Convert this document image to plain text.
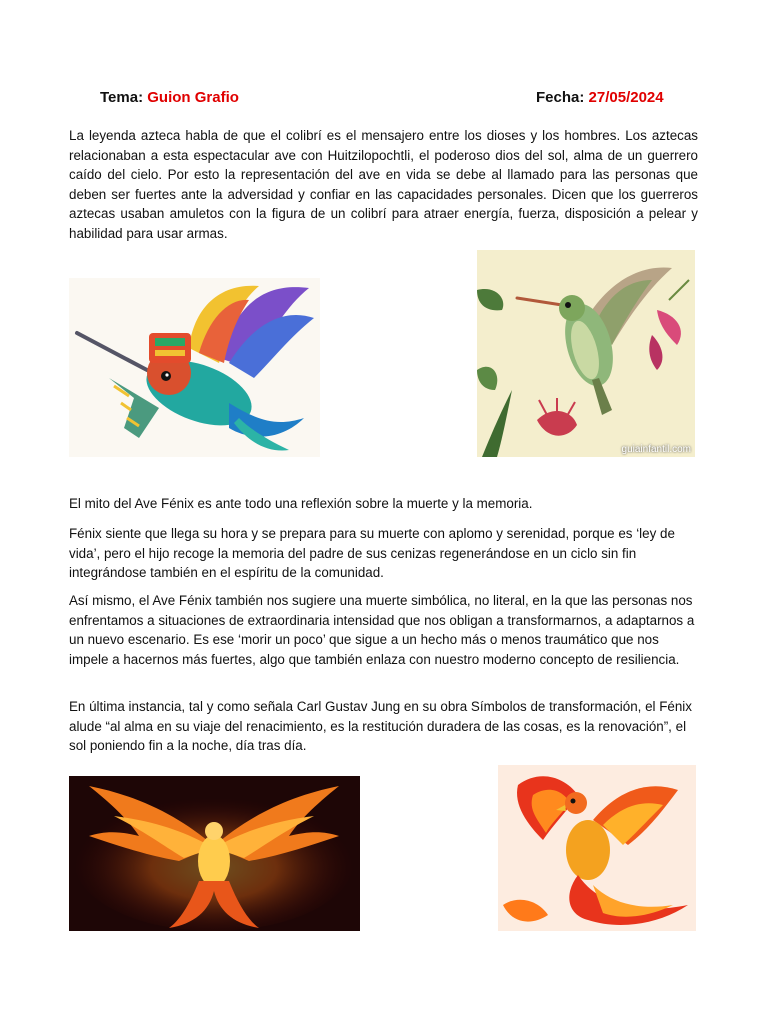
Tema: Guion Grafio	Fecha: 27/05/2024

La leyenda azteca habla de que el colibrí es el mensajero entre los dioses y los hombres. Los aztecas relacionaban a esta espectacular ave con Huitzilopochtli, el poderoso dios del sol, alma de un guerrero caído del cielo. Por esto la representación del ave en vida se debe al llamado para las personas que deben ser fuertes ante la adversidad y confiar en las capacidades personales. Dicen que los guerreros aztecas usaban amuletos con la figura de un colibrí para atraer energía, fuerza, disposición a pelear y habilidad para usar armas.

guiainfantil.com

El mito del Ave Fénix es ante todo una reflexión sobre la muerte y la memoria.

Fénix siente que llega su hora y se prepara para su muerte con aplomo y serenidad, porque es ‘ley de vida’, pero el hijo recoge la memoria del padre de sus cenizas regenerándose en un ciclo sin fin integrándose también en el espíritu de la comunidad.

Así mismo, el Ave Fénix también nos sugiere una muerte simbólica, no literal, en la que las personas nos enfrentamos a situaciones de extraordinaria intensidad que nos obligan a transformarnos, a adaptarnos a un nuevo escenario. Es ese ‘morir un poco’ que sigue a un hecho más o menos traumático que nos impele a hacernos más fuertes, algo que también enlaza con nuestro moderno concepto de resiliencia.

En última instancia, tal y como señala Carl Gustav Jung en su obra Símbolos de transformación, el Fénix alude “al alma en su viaje del renacimiento, es la restitución duradera de las cosas, es la renovación”, el sol poniendo fin a la noche, día tras día.
